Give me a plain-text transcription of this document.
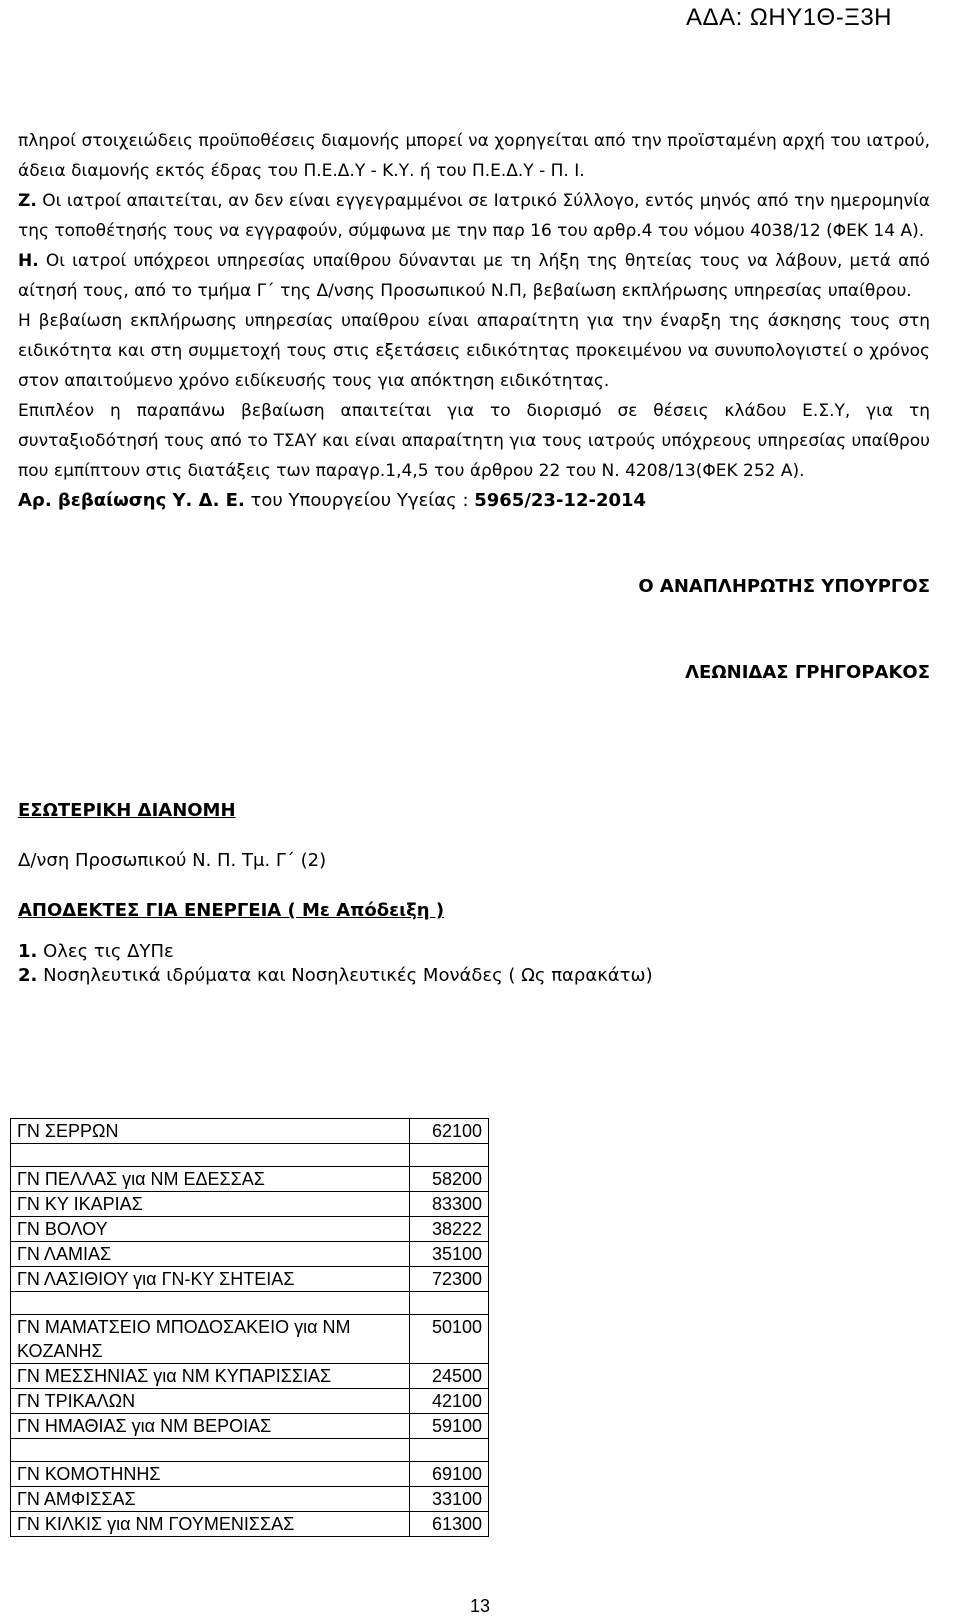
ΑΔΑ: ΩΗΥ1Θ-Ξ3Η

πληροί στοιχειώδεις προϋποθέσεις διαμονής μπορεί να χορηγείται από την προϊσταμένη αρχή του ιατρού, άδεια διαμονής εκτός έδρας του Π.Ε.Δ.Υ - Κ.Υ. ή του Π.Ε.Δ.Υ - Π. Ι.

Ζ. Οι ιατροί απαιτείται, αν δεν είναι εγγεγραμμένοι σε Ιατρικό Σύλλογο, εντός μηνός από την ημερομηνία της τοποθέτησής τους να εγγραφούν, σύμφωνα με την παρ 16 του αρθρ.4 του νόμου 4038/12 (ΦΕΚ 14 Α).

Η. Οι ιατροί υπόχρεοι υπηρεσίας υπαίθρου δύνανται με τη λήξη της θητείας τους να λάβουν, μετά από αίτησή τους, από το τμήμα Γ΄ της Δ/νσης Προσωπικού Ν.Π, βεβαίωση εκπλήρωσης υπηρεσίας υπαίθρου.

Η βεβαίωση εκπλήρωσης υπηρεσίας υπαίθρου είναι απαραίτητη για την έναρξη της άσκησης τους στη ειδικότητα και στη συμμετοχή τους στις εξετάσεις ειδικότητας προκειμένου να συνυπολογιστεί ο χρόνος στον απαιτούμενο χρόνο ειδίκευσής τους για απόκτηση ειδικότητας.

Επιπλέον η παραπάνω βεβαίωση απαιτείται για το διορισμό σε θέσεις κλάδου Ε.Σ.Υ, για τη συνταξιοδότησή τους από το ΤΣΑΥ και είναι απαραίτητη για τους ιατρούς υπόχρεους υπηρεσίας υπαίθρου που εμπίπτουν στις διατάξεις των παραγρ.1,4,5 του άρθρου 22 του Ν. 4208/13(ΦΕΚ 252 Α).

Αρ. βεβαίωσης Υ. Δ. Ε. του Υπουργείου Υγείας : 5965/23-12-2014

Ο ΑΝΑΠΛΗΡΩΤΗΣ ΥΠΟΥΡΓΟΣ
ΛΕΩΝΙΔΑΣ ΓΡΗΓΟΡΑΚΟΣ
ΕΣΩΤΕΡΙΚΗ ΔΙΑΝΟΜΗ
Δ/νση Προσωπικού Ν. Π. Τμ. Γ΄ (2)
ΑΠΟΔΕΚΤΕΣ ΓΙΑ ΕΝΕΡΓΕΙΑ ( Με Απόδειξη )
1. Ολες τις ΔΥΠε
2. Νοσηλευτικά ιδρύματα και Νοσηλευτικές Μονάδες ( Ως παρακάτω)
ΓΝ ΣΕΡΡΩΝ	62100

ΓΝ ΠΕΛΛΑΣ για ΝΜ ΕΔΕΣΣΑΣ	58200
ΓΝ ΚΥ ΙΚΑΡΙΑΣ	83300
ΓΝ ΒΟΛΟΥ	38222
ΓΝ ΛΑΜΙΑΣ	35100
ΓΝ ΛΑΣΙΘΙΟΥ για ΓΝ-ΚΥ ΣΗΤΕΙΑΣ	72300

ΓΝ ΜΑΜΑΤΣΕΙΟ ΜΠΟΔΟΣΑΚΕΙΟ για ΝΜ ΚΟΖΑΝΗΣ	50100
ΓΝ ΜΕΣΣΗΝΙΑΣ για ΝΜ ΚΥΠΑΡΙΣΣΙΑΣ	24500
ΓΝ ΤΡΙΚΑΛΩΝ	42100
ΓΝ ΗΜΑΘΙΑΣ για ΝΜ ΒΕΡΟΙΑΣ	59100

ΓΝ ΚΟΜΟΤΗΝΗΣ	69100
ΓΝ ΑΜΦΙΣΣΑΣ	33100
ΓΝ ΚΙΛΚΙΣ για ΝΜ ΓΟΥΜΕΝΙΣΣΑΣ	61300
13
